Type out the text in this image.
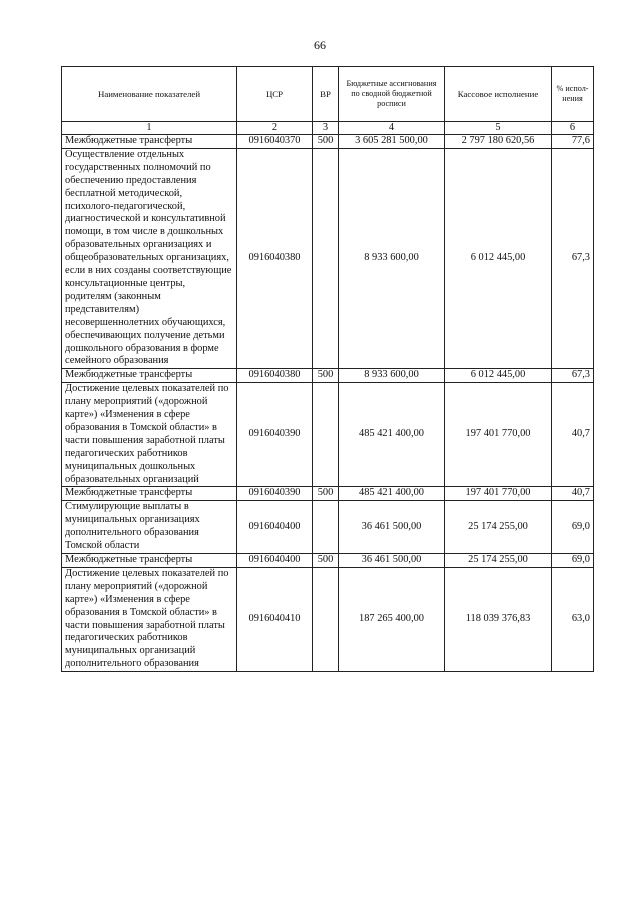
66
Наименование показателей	ЦСР	ВР	Бюджетные ассигнования по сводной бюджетной росписи	Кассовое исполнение	% испол-нения
1	2	3	4	5	6
Межбюджетные трансферты	0916040370	500	3 605 281 500,00	2 797 180 620,56	77,6
Осуществление отдельных государственных полномочий по обеспечению предоставления бесплатной методической, психолого-педагогической, диагностической и консультативной помощи, в том числе в дошкольных образовательных организациях и общеобразовательных организациях, если в них созданы соответствующие консультационные центры, родителям (законным представителям) несовершеннолетних обучающихся, обеспечивающих получение детьми дошкольного образования в форме семейного образования	0916040380		8 933 600,00	6 012 445,00	67,3
Межбюджетные трансферты	0916040380	500	8 933 600,00	6 012 445,00	67,3
Достижение целевых показателей по плану мероприятий («дорожной карте») «Изменения в сфере образования в Томской области» в части повышения заработной платы педагогических работников муниципальных дошкольных образовательных организаций	0916040390		485 421 400,00	197 401 770,00	40,7
Межбюджетные трансферты	0916040390	500	485 421 400,00	197 401 770,00	40,7
Стимулирующие выплаты в муниципальных организациях дополнительного образования Томской области	0916040400		36 461 500,00	25 174 255,00	69,0
Межбюджетные трансферты	0916040400	500	36 461 500,00	25 174 255,00	69,0
Достижение целевых показателей по плану мероприятий («дорожной карте») «Изменения в сфере образования в Томской области» в части повышения заработной платы педагогических работников муниципальных организаций дополнительного образования	0916040410		187 265 400,00	118 039 376,83	63,0
